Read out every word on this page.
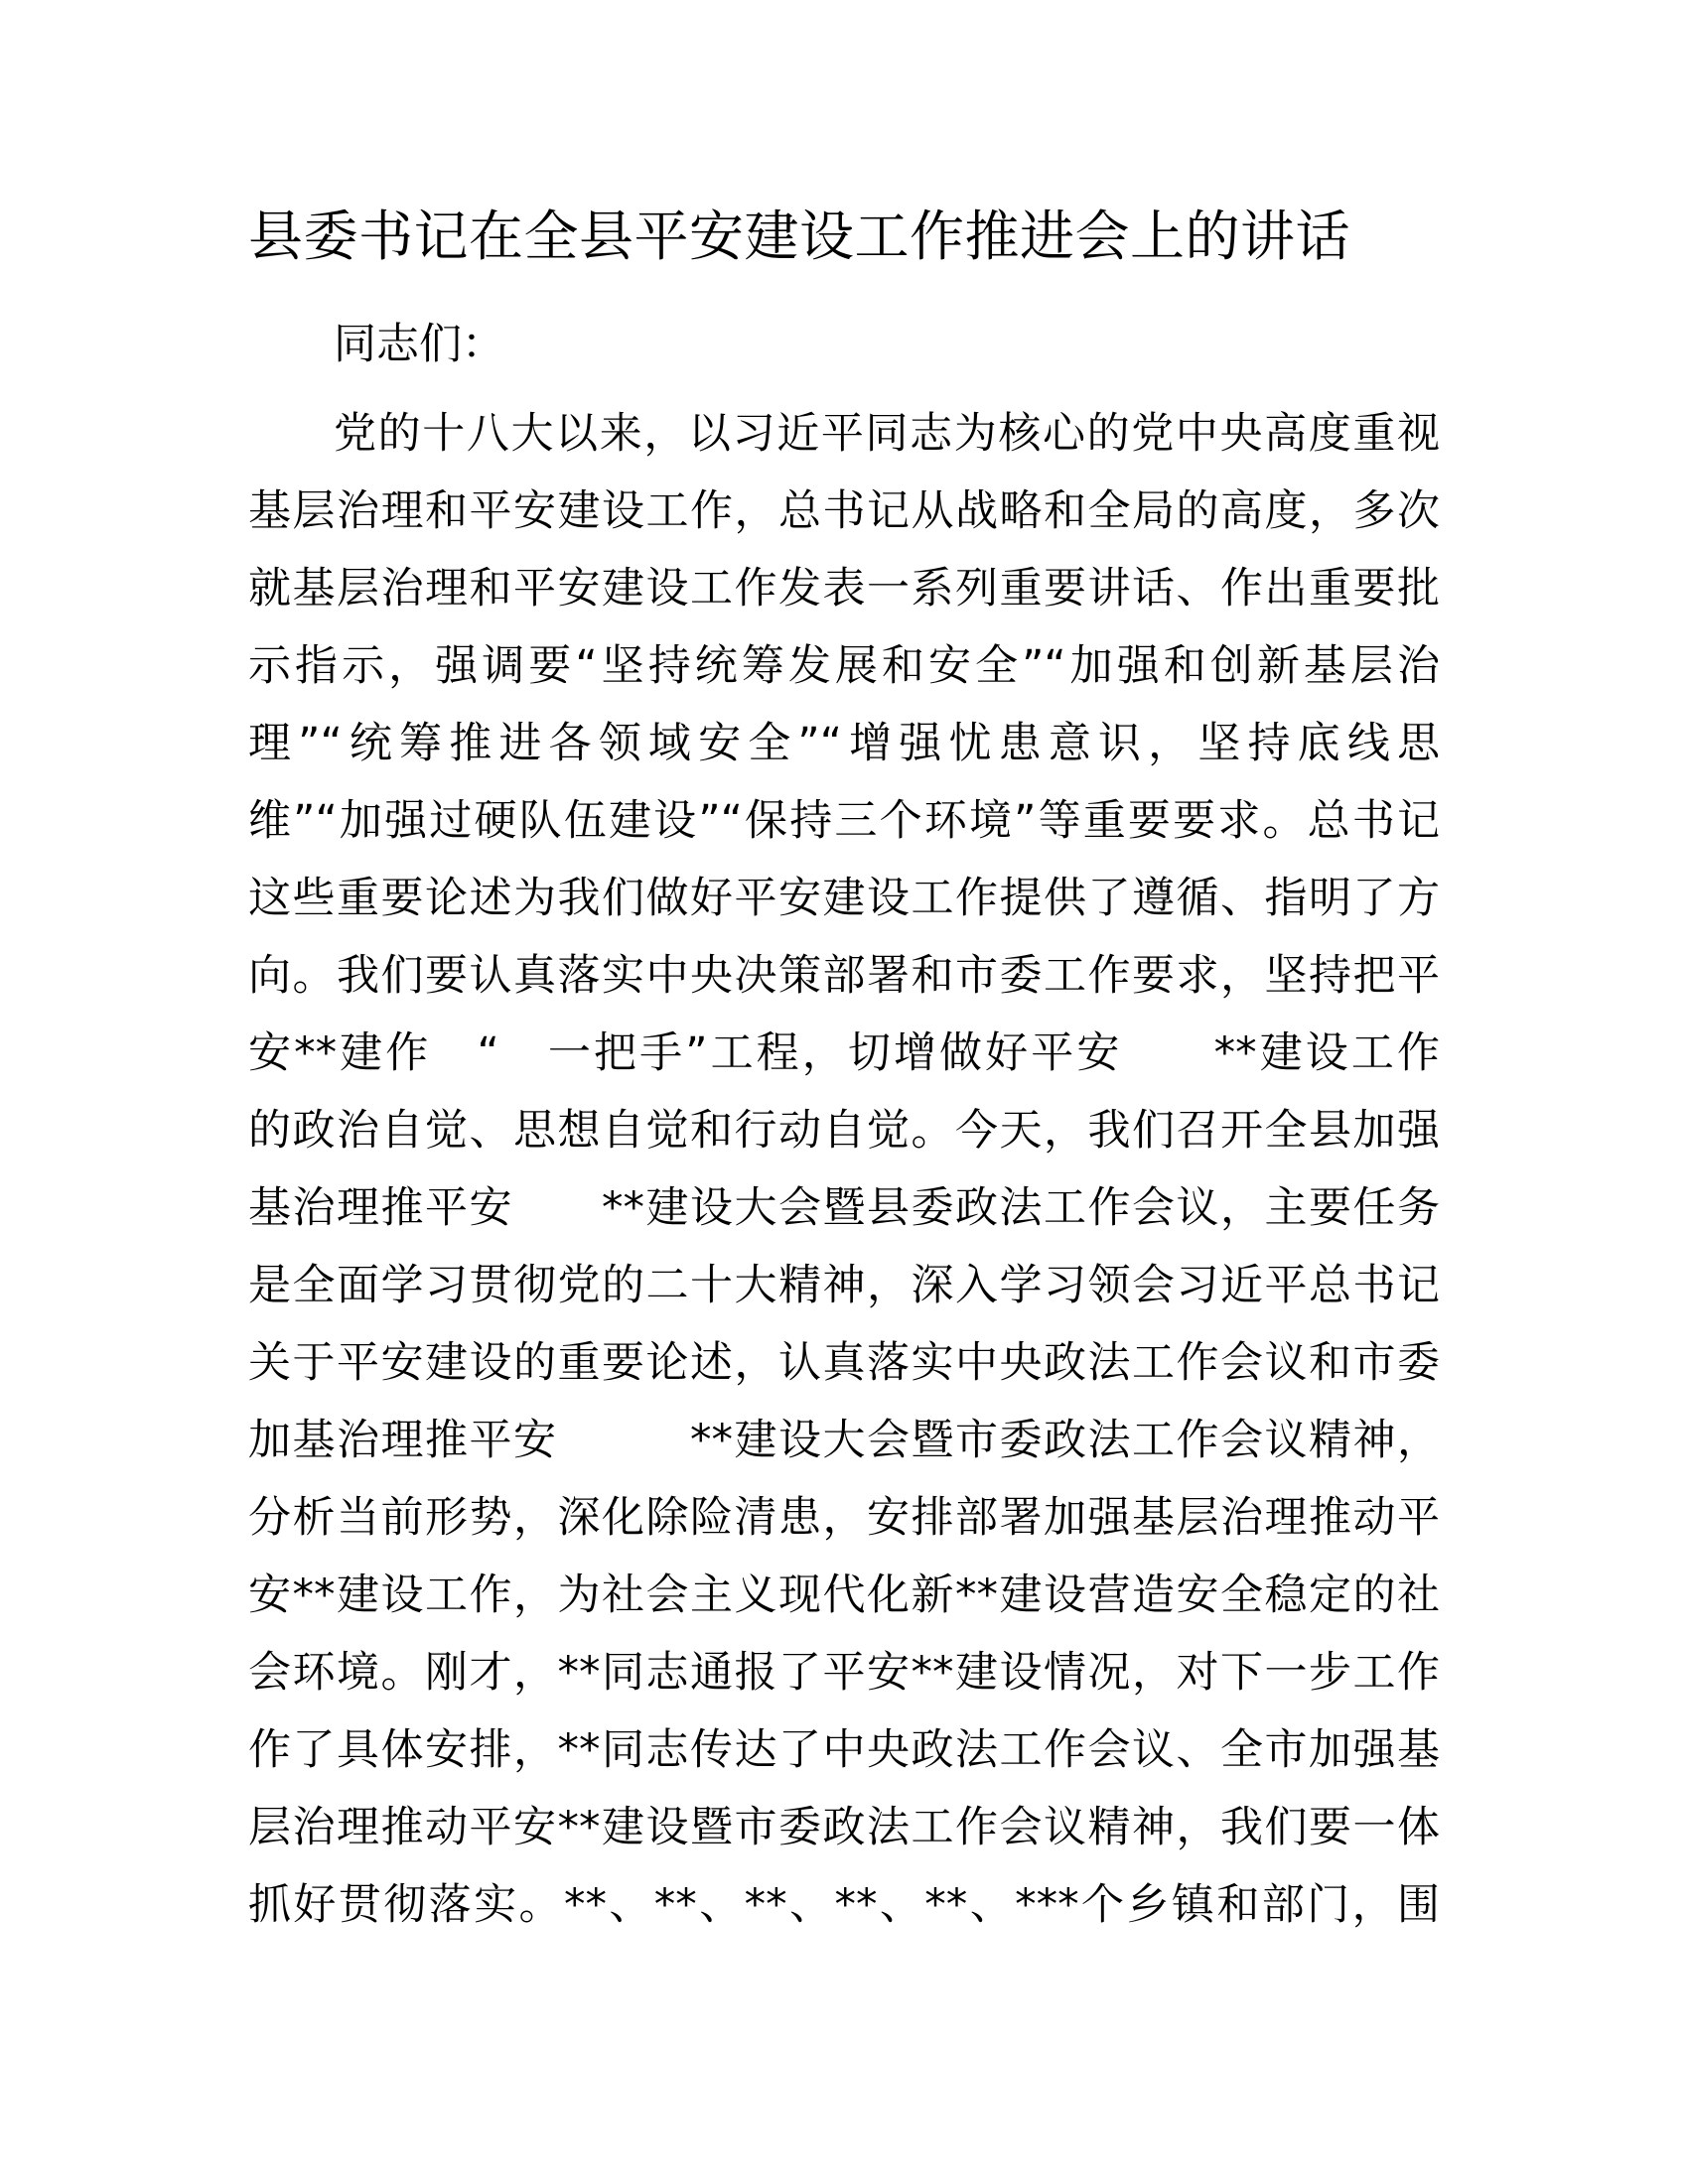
县委书记在全县平安建设工作推进会上的讲话
同志们：
党的十八大以来，以习近平同志为核心的党中央高度重视
基层治理和平安建设工作，总书记从战略和全局的高度，多次
就基层治理和平安建设工作发表一系列重要讲话、作出重要批
示指示，强调要“坚持统筹发展和安全”“加强和创新基层治
理”“统筹推进各领域安全”“增强忧患意识，坚持底线思
维”“加强过硬队伍建设”“保持三个环境”等重要要求。总书记
这些重要论述为我们做好平安建设工作提供了遵循、指明了方
向。我们要认真落实中央决策部署和市委工作要求，坚持把平
安**建作　“　一把手”工程，切增做好平安　　**建设工作
的政治自觉、思想自觉和行动自觉。今天，我们召开全县加强
基治理推平安　　**建设大会暨县委政法工作会议，主要任务
是全面学习贯彻党的二十大精神，深入学习领会习近平总书记
关于平安建设的重要论述，认真落实中央政法工作会议和市委
加基治理推平安　　　**建设大会暨市委政法工作会议精神，
分析当前形势，深化除险清患，安排部署加强基层治理推动平
安**建设工作，为社会主义现代化新**建设营造安全稳定的社
会环境。刚才，**同志通报了平安**建设情况，对下一步工作
作了具体安排，**同志传达了中央政法工作会议、全市加强基
层治理推动平安**建设暨市委政法工作会议精神，我们要一体
抓好贯彻落实。**、**、**、**、**、***个乡镇和部门，围
